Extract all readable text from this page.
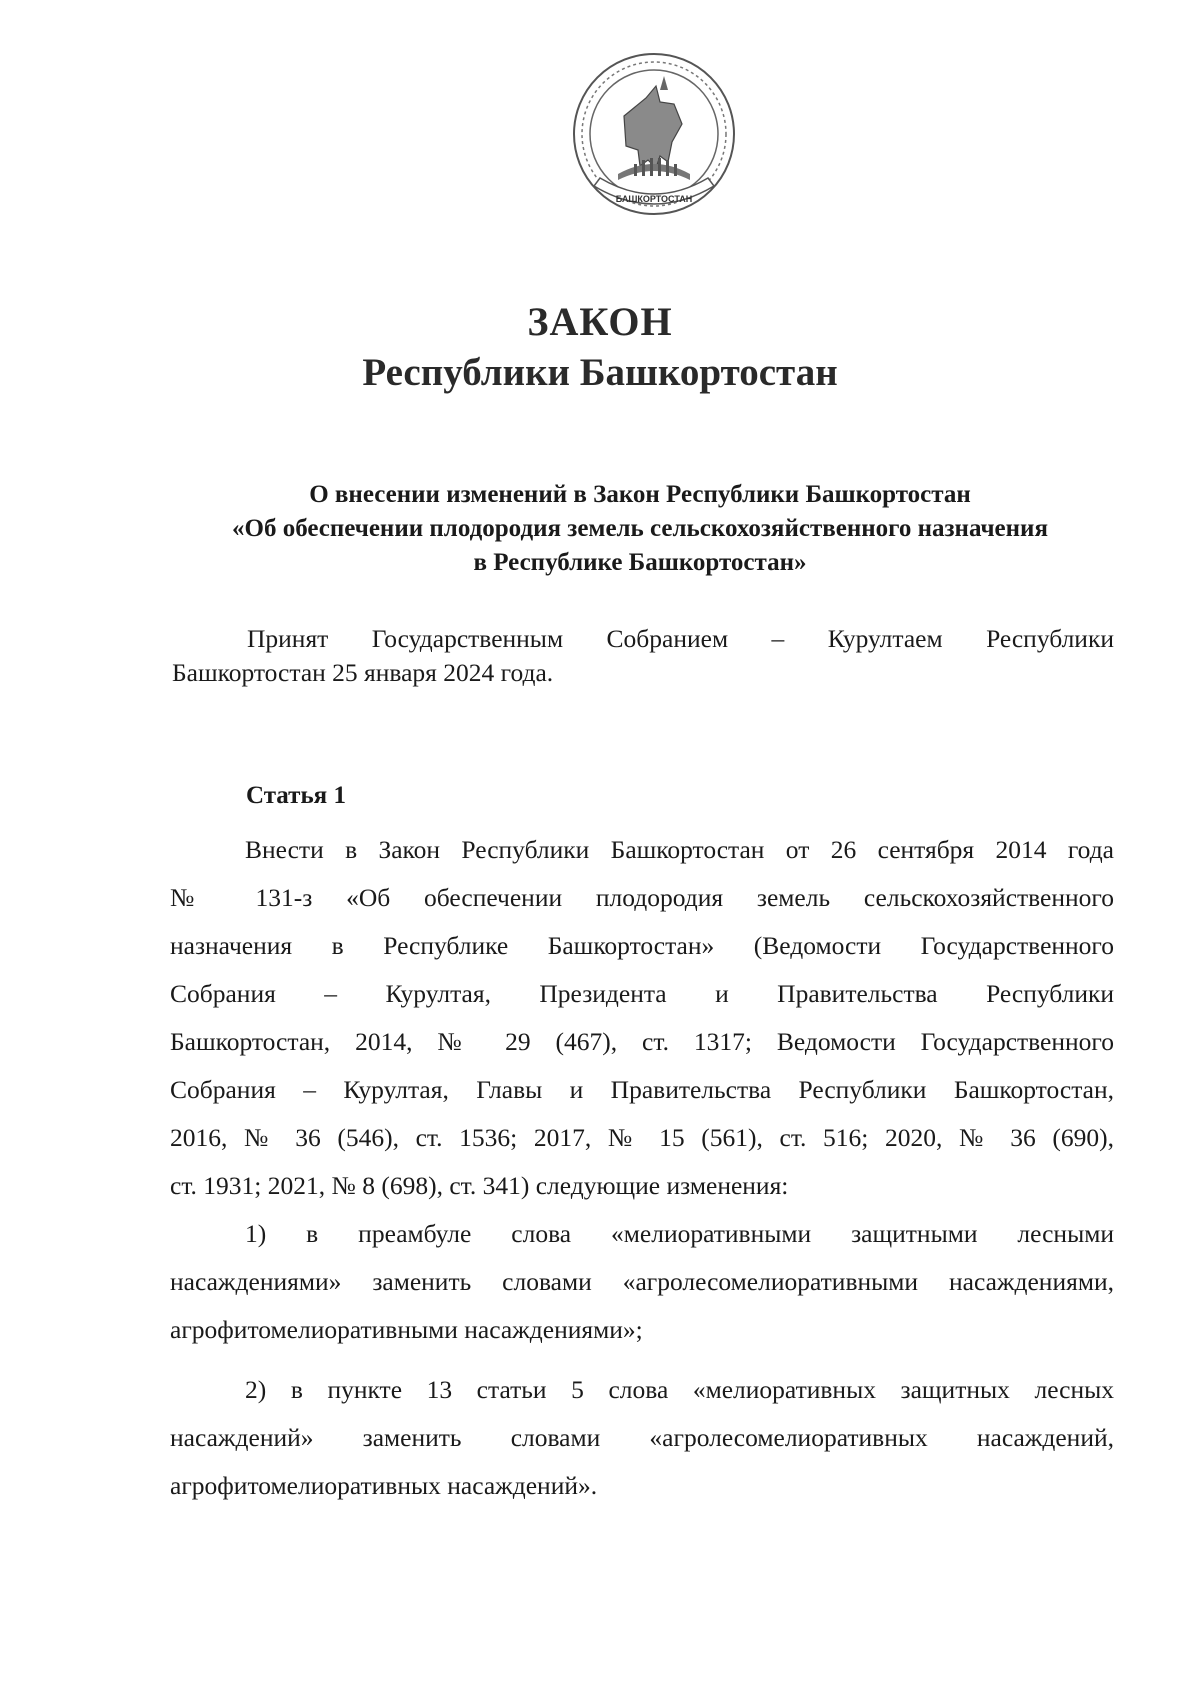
БАШКОРТОСТАН
ЗАКОН
Республики Башкортостан
О внесении изменений в Закон Республики Башкортостан
«Об обеспечении плодородия земель сельскохозяйственного назначения
в Республике Башкортостан»
Принят Государственным Собранием – Курултаем Республики
Башкортостан 25 января 2024 года.
Статья 1
Внести в Закон Республики Башкортостан от 26 сентября 2014 года
№ 131-з «Об обеспечении плодородия земель сельскохозяйственного
назначения в Республике Башкортостан» (Ведомости Государственного
Собрания – Курултая, Президента и Правительства Республики
Башкортостан, 2014, № 29 (467), ст. 1317; Ведомости Государственного
Собрания – Курултая, Главы и Правительства Республики Башкортостан,
2016, № 36 (546), ст. 1536; 2017, № 15 (561), ст. 516; 2020, № 36 (690),
ст. 1931; 2021, № 8 (698), ст. 341) следующие изменения:
1) в преамбуле слова «мелиоративными защитными лесными
насаждениями» заменить словами «агролесомелиоративными насаждениями,
агрофитомелиоративными насаждениями»;
2) в пункте 13 статьи 5 слова «мелиоративных защитных лесных
насаждений» заменить словами «агролесомелиоративных насаждений,
агрофитомелиоративных насаждений».
